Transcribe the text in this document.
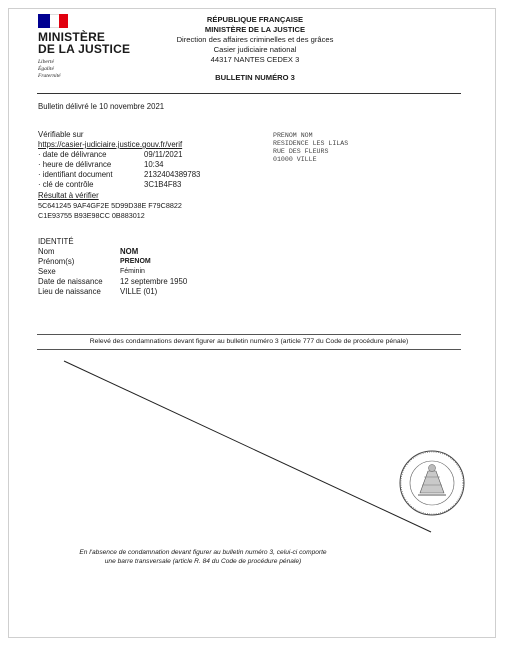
MINISTÈRE
DE LA JUSTICE
Liberté
Égalité
Fraternité
RÉPUBLIQUE FRANÇAISE
MINISTÈRE DE LA JUSTICE
Direction des affaires criminelles et des grâces
Casier judiciaire national
44317 NANTES CEDEX 3
BULLETIN NUMÉRO 3
Bulletin délivré le 10 novembre 2021
Vérifiable sur
https://casier-judiciaire.justice.gouv.fr/verif
· date de délivrance	09/11/2021
· heure de délivrance	10:34
· identifiant document	2132404389783
· clé de contrôle	3C1B4F83
Résultat à vérifier
5C641245 9AF4GF2E 5D99D38E F79C8822
C1E93755 B93E98CC 0B883012
PRENOM NOM
RESIDENCE LES LILAS
RUE DES FLEURS
01000 VILLE
IDENTITÉ
Nom	NOM
Prénom(s)	PRENOM
Sexe	Féminin
Date de naissance 12 septembre 1950
Lieu de naissance VILLE (01)
Relevé des condamnations devant figurer au bulletin numéro 3 (article 777 du Code de procédure pénale)
En l'absence de condamnation devant figurer au bulletin numéro 3, celui-ci comporte
une barre transversale (article R. 84 du Code de procédure pénale)
